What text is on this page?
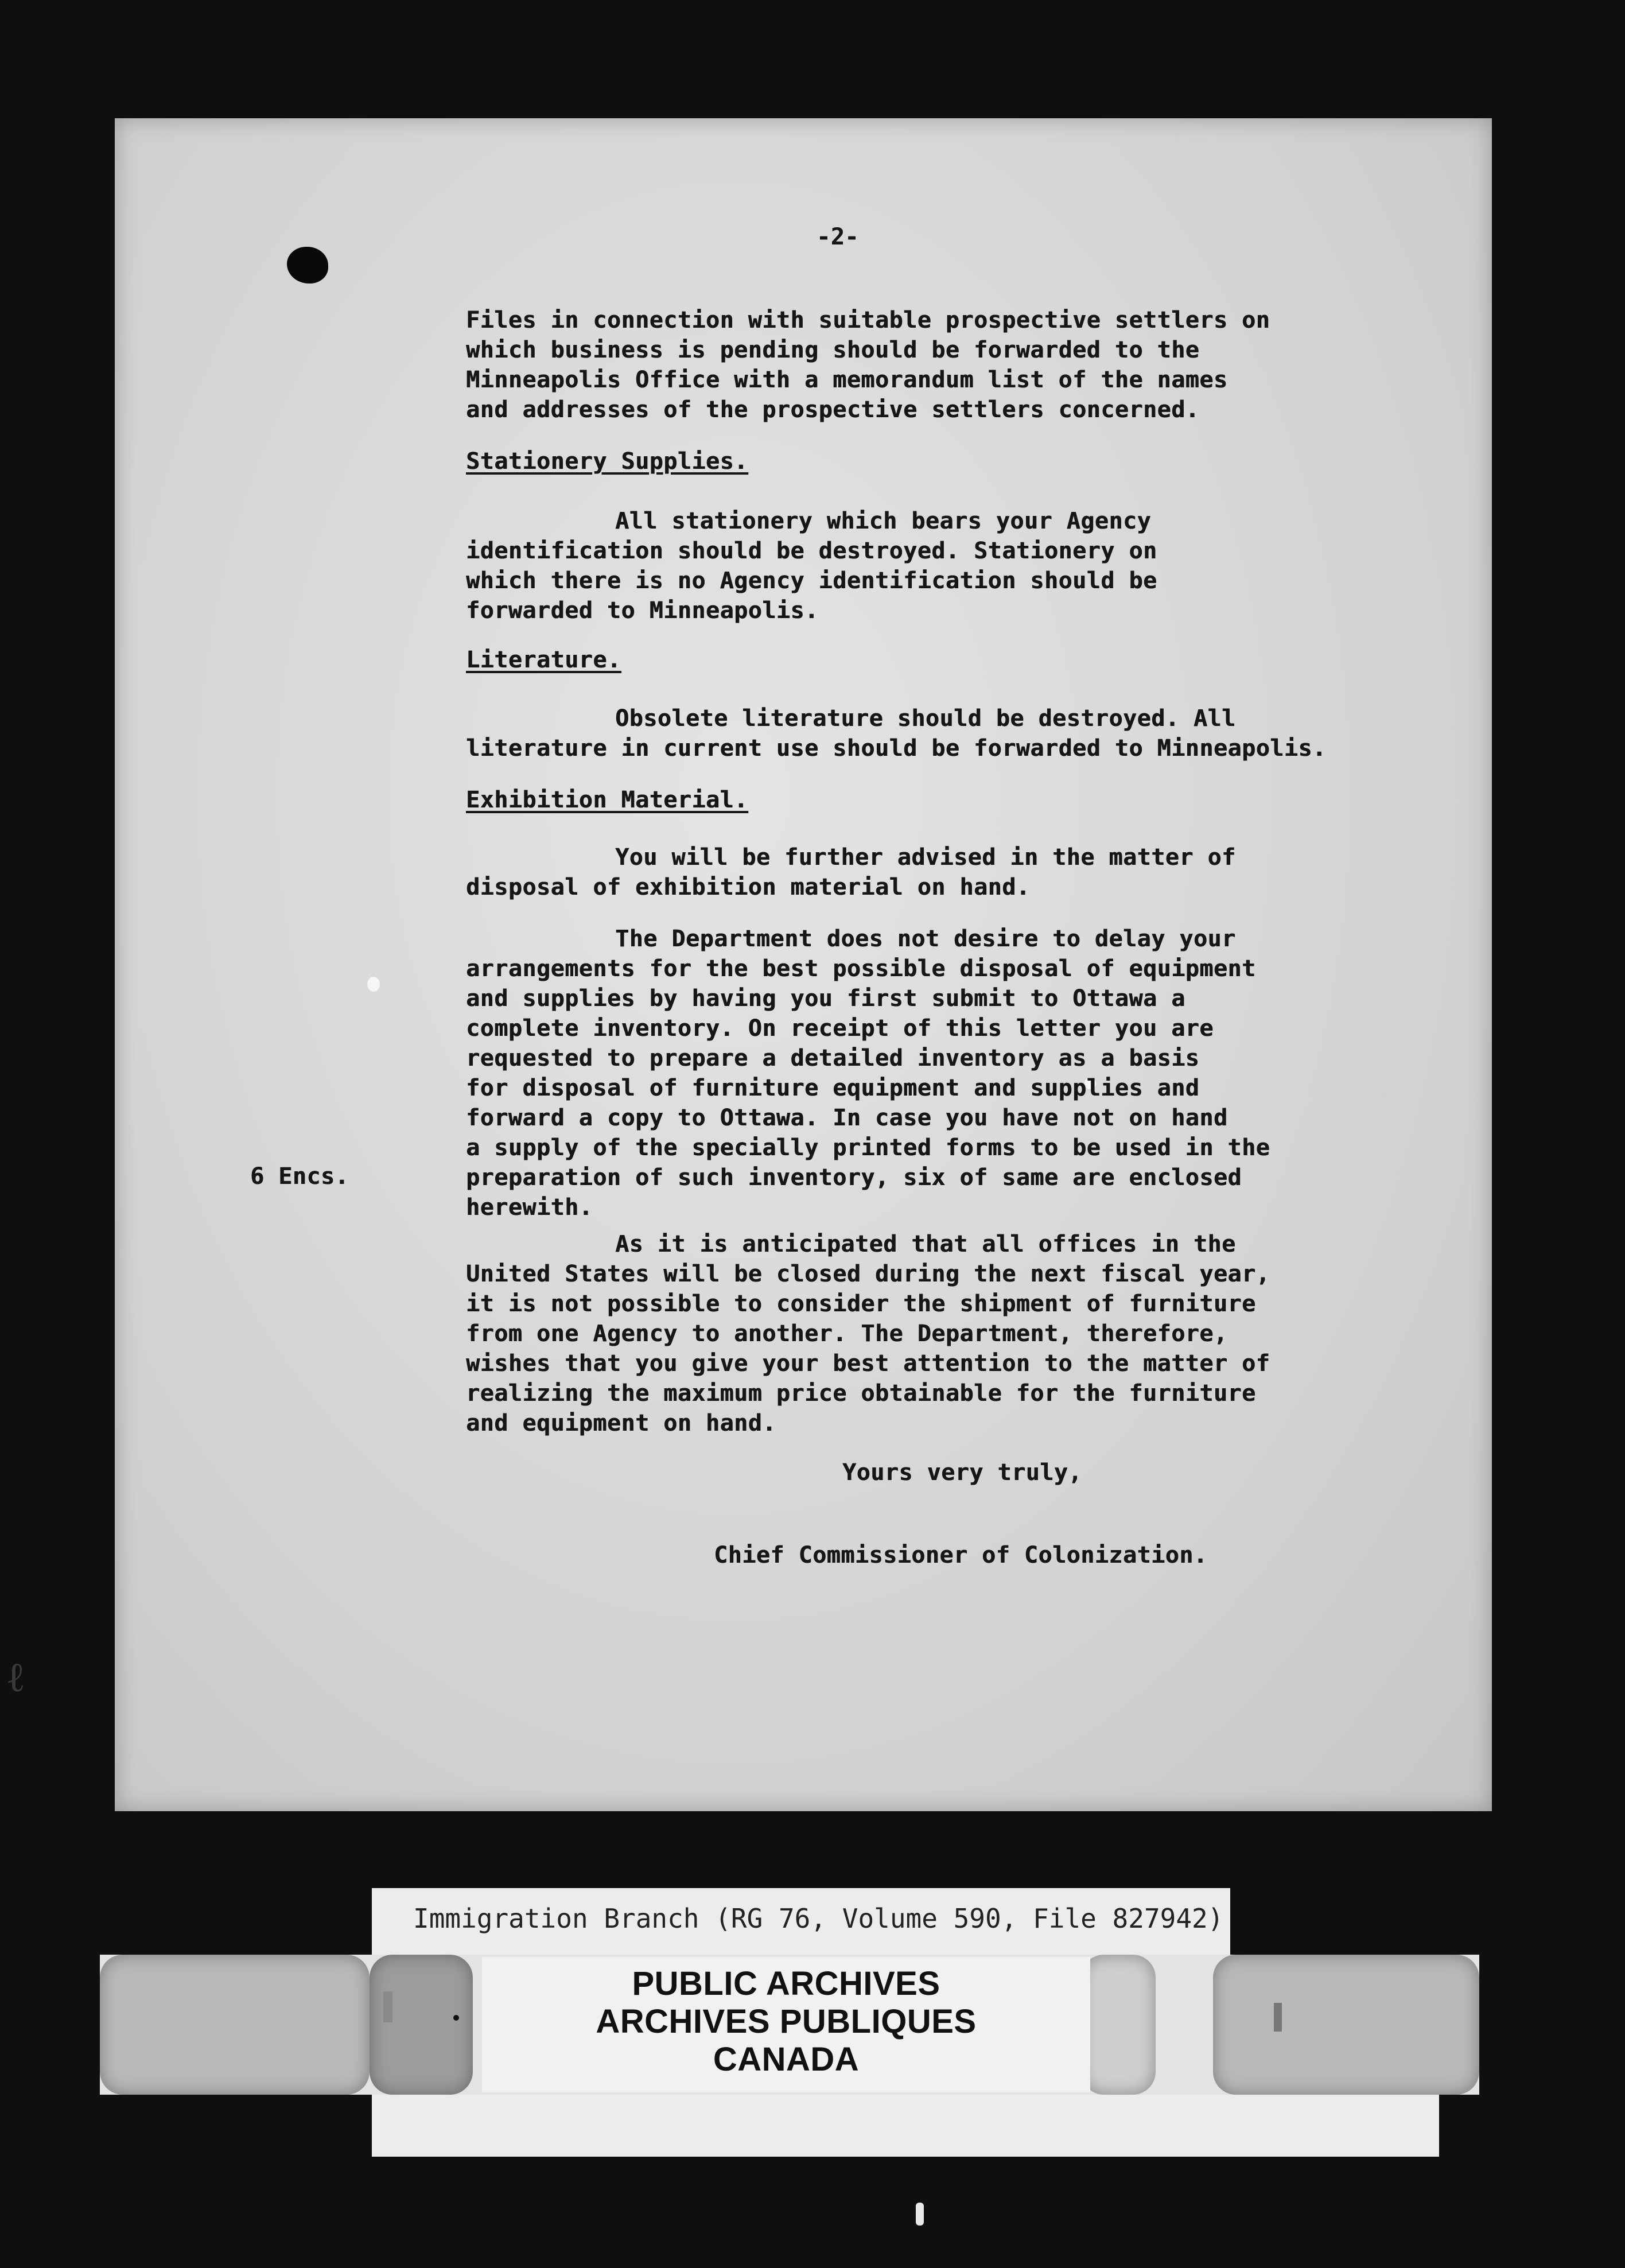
-2-

Files in connection with suitable prospective settlers on
which business is pending should be forwarded to the
Minneapolis Office with a memorandum list of the names
and addresses of the prospective settlers concerned.

Stationery Supplies.

All stationery which bears your Agency
identification should be destroyed. Stationery on
which there is no Agency identification should be
forwarded to Minneapolis.

Literature.

Obsolete literature should be destroyed. All
literature in current use should be forwarded to Minneapolis.

Exhibition Material.

You will be further advised in the matter of
disposal of exhibition material on hand.

The Department does not desire to delay your
arrangements for the best possible disposal of equipment
and supplies by having you first submit to Ottawa a
complete inventory. On receipt of this letter you are
requested to prepare a detailed inventory as a basis
for disposal of furniture equipment and supplies and
forward a copy to Ottawa. In case you have not on hand
a supply of the specially printed forms to be used in the
preparation of such inventory, six of same are enclosed
herewith.

6 Encs.

As it is anticipated that all offices in the
United States will be closed during the next fiscal year,
it is not possible to consider the shipment of furniture
from one Agency to another. The Department, therefore,
wishes that you give your best attention to the matter of
realizing the maximum price obtainable for the furniture
and equipment on hand.

Yours very truly,

Chief Commissioner of Colonization.

ℓ
Immigration Branch (RG 76, Volume 590, File 827942)
PUBLIC ARCHIVES
ARCHIVES PUBLIQUES
CANADA
